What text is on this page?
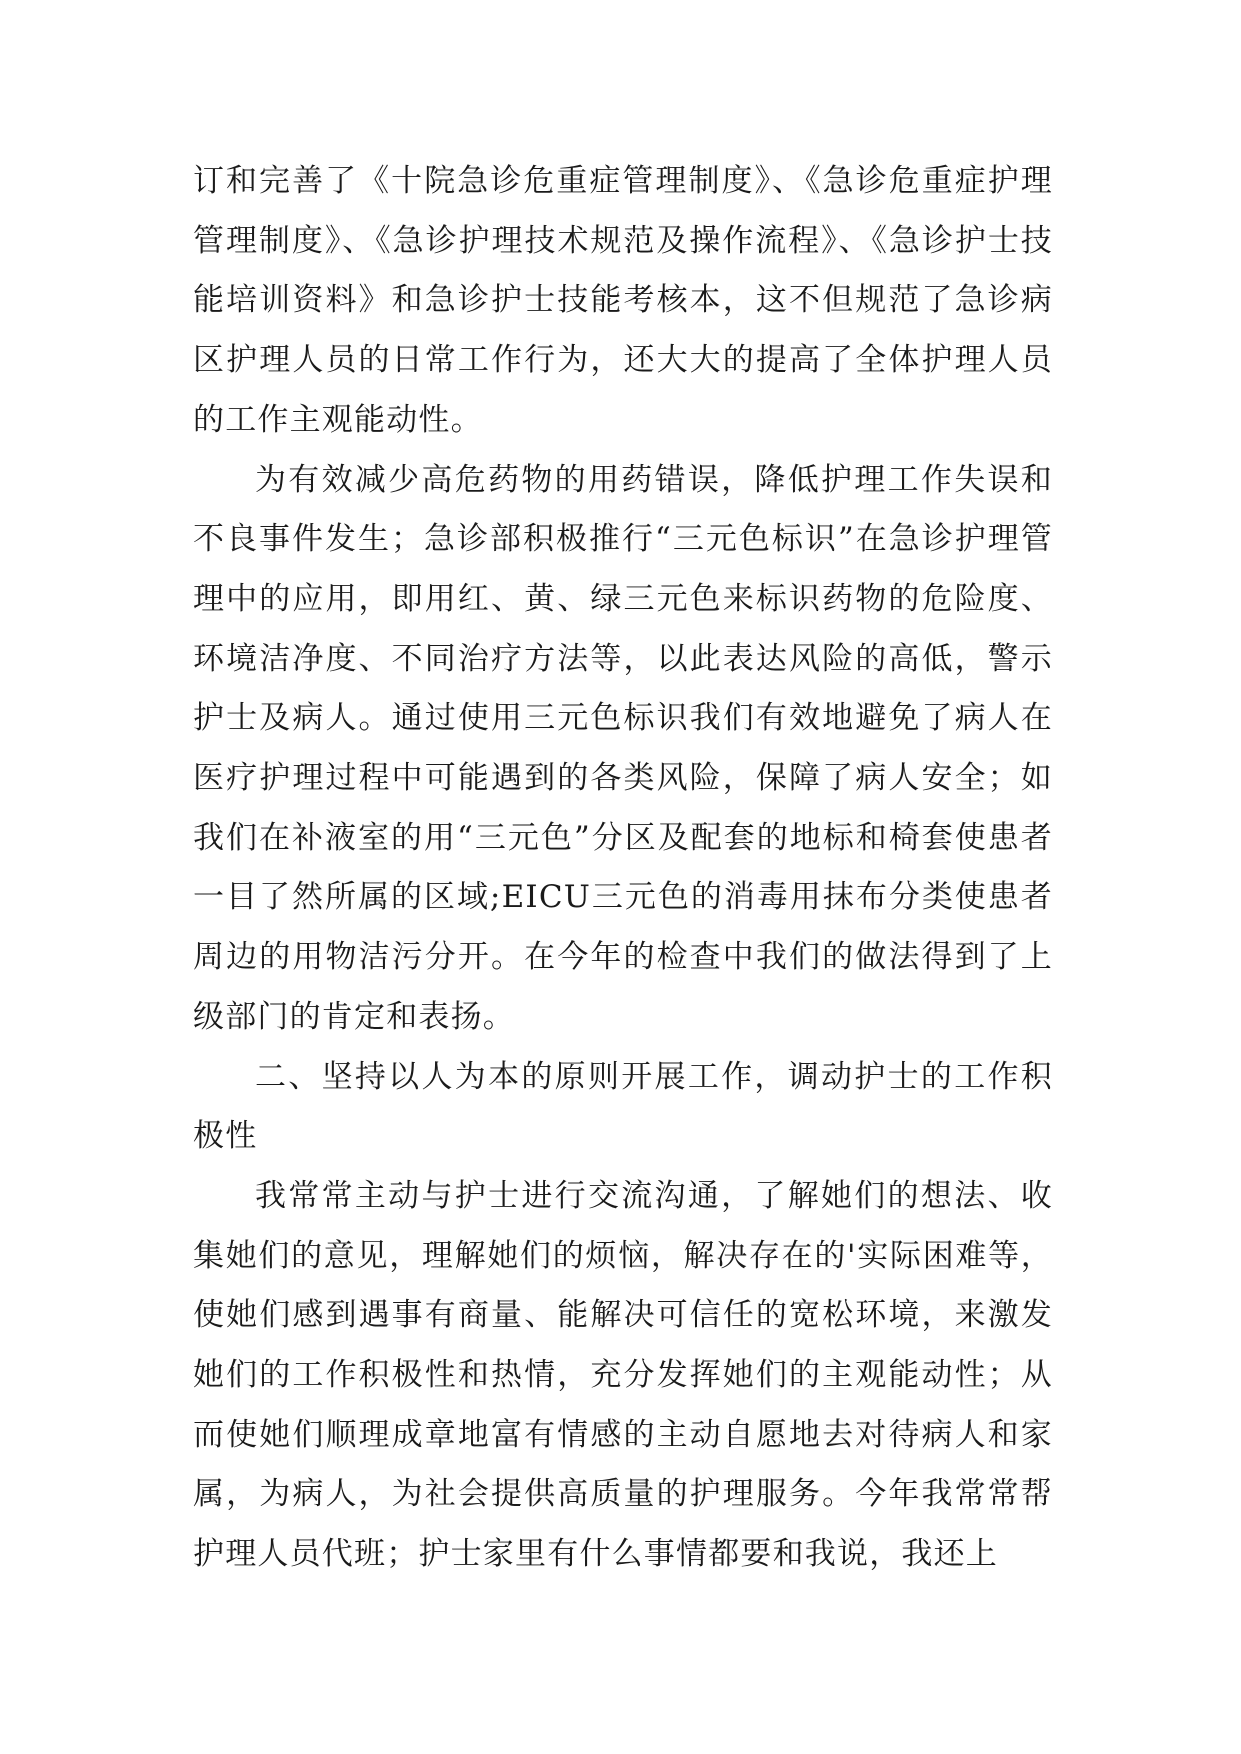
订和完善了《十院急诊危重症管理制度》、《急诊危重症护理管理制度》、《急诊护理技术规范及操作流程》、《急诊护士技能培训资料》和急诊护士技能考核本，这不但规范了急诊病区护理人员的日常工作行为，还大大的提高了全体护理人员的工作主观能动性。

为有效减少高危药物的用药错误，降低护理工作失误和不良事件发生；急诊部积极推行“三元色标识”在急诊护理管理中的应用，即用红、黄、绿三元色来标识药物的危险度、环境洁净度、不同治疗方法等，以此表达风险的高低，警示护士及病人。通过使用三元色标识我们有效地避免了病人在医疗护理过程中可能遇到的各类风险，保障了病人安全；如我们在补液室的用“三元色”分区及配套的地标和椅套使患者一目了然所属的区域;EICU三元色的消毒用抹布分类使患者周边的用物洁污分开。在今年的检查中我们的做法得到了上级部门的肯定和表扬。

二、坚持以人为本的原则开展工作，调动护士的工作积极性

我常常主动与护士进行交流沟通，了解她们的想法、收集她们的意见，理解她们的烦恼，解决存在的'实际困难等，使她们感到遇事有商量、能解决可信任的宽松环境，来激发她们的工作积极性和热情，充分发挥她们的主观能动性；从而使她们顺理成章地富有情感的主动自愿地去对待病人和家属，为病人，为社会提供高质量的护理服务。今年我常常帮护理人员代班；护士家里有什么事情都要和我说，我还上
